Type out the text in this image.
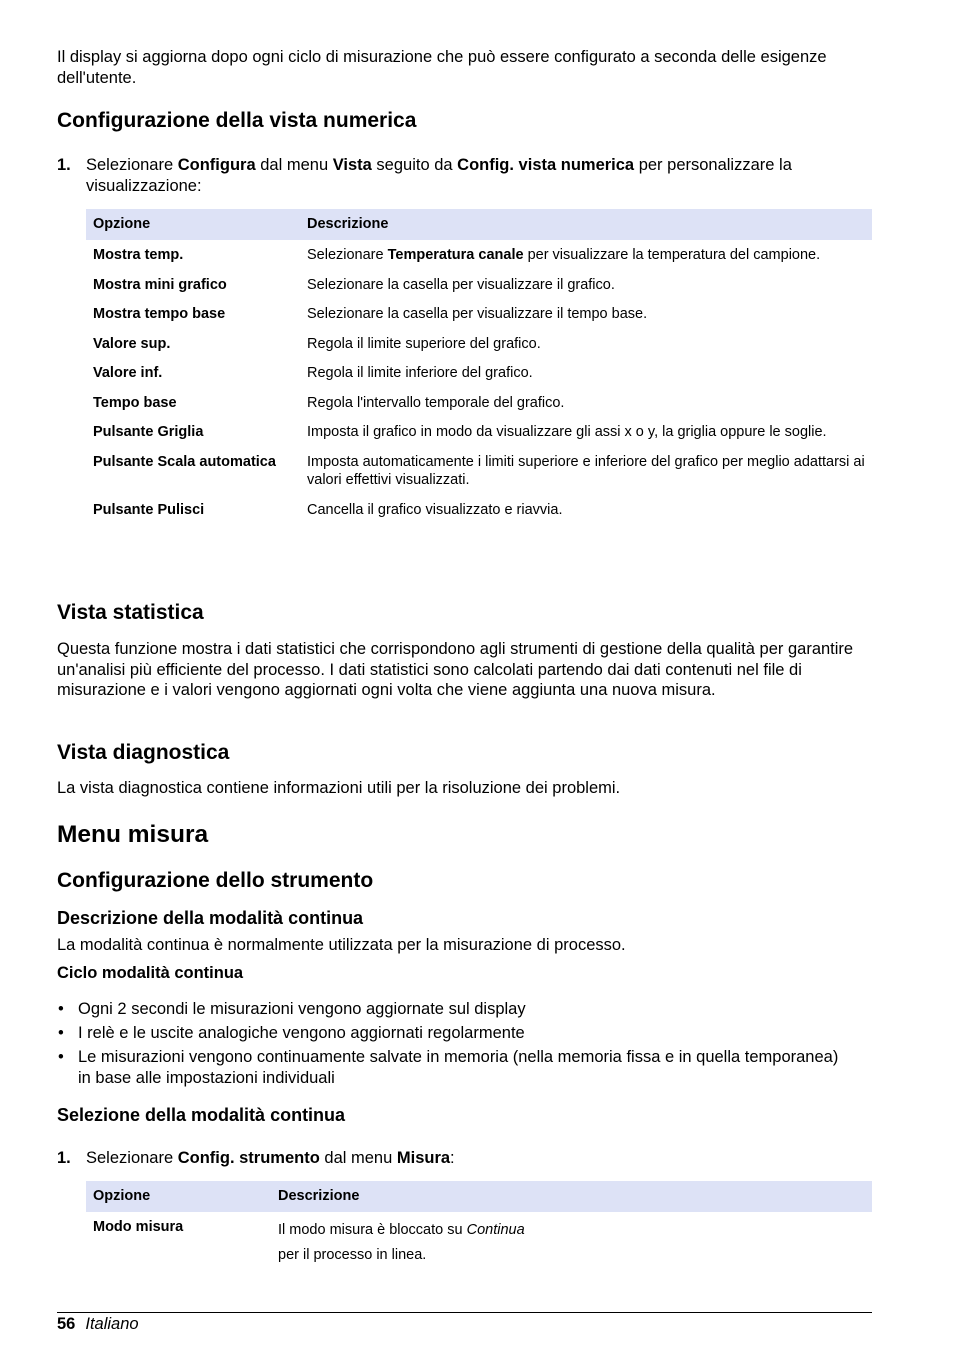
Il display si aggiorna dopo ogni ciclo di misurazione che può essere configurato a seconda delle esigenze dell'utente.

Configurazione della vista numerica
1. Selezionare Configura dal menu Vista seguito da Config. vista numerica per personalizzare la visualizzazione:
Opzione	Descrizione
Mostra temp.	Selezionare Temperatura canale per visualizzare la temperatura del campione.
Mostra mini grafico	Selezionare la casella per visualizzare il grafico.
Mostra tempo base	Selezionare la casella per visualizzare il tempo base.
Valore sup.	Regola il limite superiore del grafico.
Valore inf.	Regola il limite inferiore del grafico.
Tempo base	Regola l'intervallo temporale del grafico.
Pulsante Griglia	Imposta il grafico in modo da visualizzare gli assi x o y, la griglia oppure le soglie.
Pulsante Scala automatica	Imposta automaticamente i limiti superiore e inferiore del grafico per meglio adattarsi ai valori effettivi visualizzati.
Pulsante Pulisci	Cancella il grafico visualizzato e riavvia.
Vista statistica

Questa funzione mostra i dati statistici che corrispondono agli strumenti di gestione della qualità per garantire un'analisi più efficiente del processo. I dati statistici sono calcolati partendo dai dati contenuti nel file di misurazione e i valori vengono aggiornati ogni volta che viene aggiunta una nuova misura.

Vista diagnostica

La vista diagnostica contiene informazioni utili per la risoluzione dei problemi.

Menu misura
Configurazione dello strumento
Descrizione della modalità continua

La modalità continua è normalmente utilizzata per la misurazione di processo.

Ciclo modalità continua
• Ogni 2 secondi le misurazioni vengono aggiornate sul display
• I relè e le uscite analogiche vengono aggiornati regolarmente
• Le misurazioni vengono continuamente salvate in memoria (nella memoria fissa e in quella temporanea) in base alle impostazioni individuali
Selezione della modalità continua
1. Selezionare Config. strumento dal menu Misura:
Opzione	Descrizione
Modo misura	Il modo misura è bloccato su Continua
per il processo in linea.
56 Italiano
